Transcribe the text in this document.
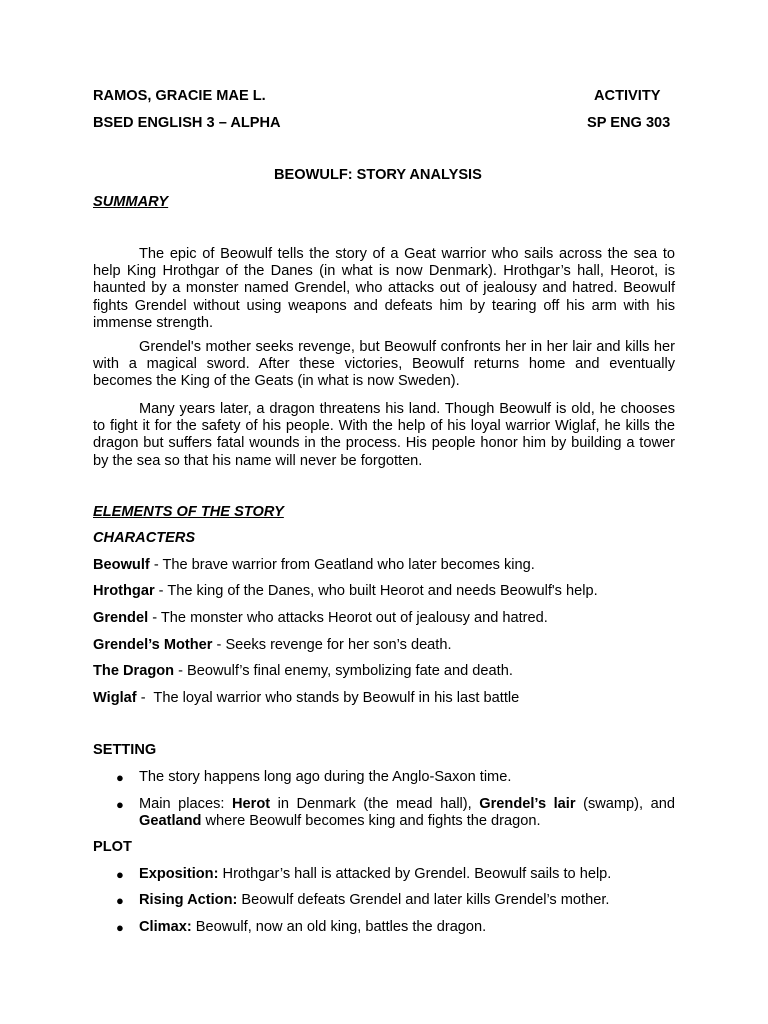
RAMOS, GRACIE MAE L.	ACTIVITY
BSED ENGLISH 3 – ALPHA	SP ENG 303
BEOWULF: STORY ANALYSIS
SUMMARY
The epic of Beowulf tells the story of a Geat warrior who sails across the sea to help King Hrothgar of the Danes (in what is now Denmark). Hrothgar’s hall, Heorot, is haunted by a monster named Grendel, who attacks out of jealousy and hatred. Beowulf fights Grendel without using weapons and defeats him by tearing off his arm with his immense strength.
Grendel's mother seeks revenge, but Beowulf confronts her in her lair and kills her with a magical sword. After these victories, Beowulf returns home and eventually becomes the King of the Geats (in what is now Sweden).
Many years later, a dragon threatens his land. Though Beowulf is old, he chooses to fight it for the safety of his people. With the help of his loyal warrior Wiglaf, he kills the dragon but suffers fatal wounds in the process. His people honor him by building a tower by the sea so that his name will never be forgotten.
ELEMENTS OF THE STORY
CHARACTERS
Beowulf - The brave warrior from Geatland who later becomes king.
Hrothgar - The king of the Danes, who built Heorot and needs Beowulf's help.
Grendel - The monster who attacks Heorot out of jealousy and hatred.
Grendel’s Mother - Seeks revenge for her son’s death.
The Dragon - Beowulf’s final enemy, symbolizing fate and death.
Wiglaf -  The loyal warrior who stands by Beowulf in his last battle
SETTING
● The story happens long ago during the Anglo-Saxon time.
● Main places: Herot in Denmark (the mead hall), Grendel’s lair (swamp), and Geatland where Beowulf becomes king and fights the dragon.
PLOT
● Exposition: Hrothgar’s hall is attacked by Grendel. Beowulf sails to help.
● Rising Action: Beowulf defeats Grendel and later kills Grendel’s mother.
● Climax: Beowulf, now an old king, battles the dragon.
